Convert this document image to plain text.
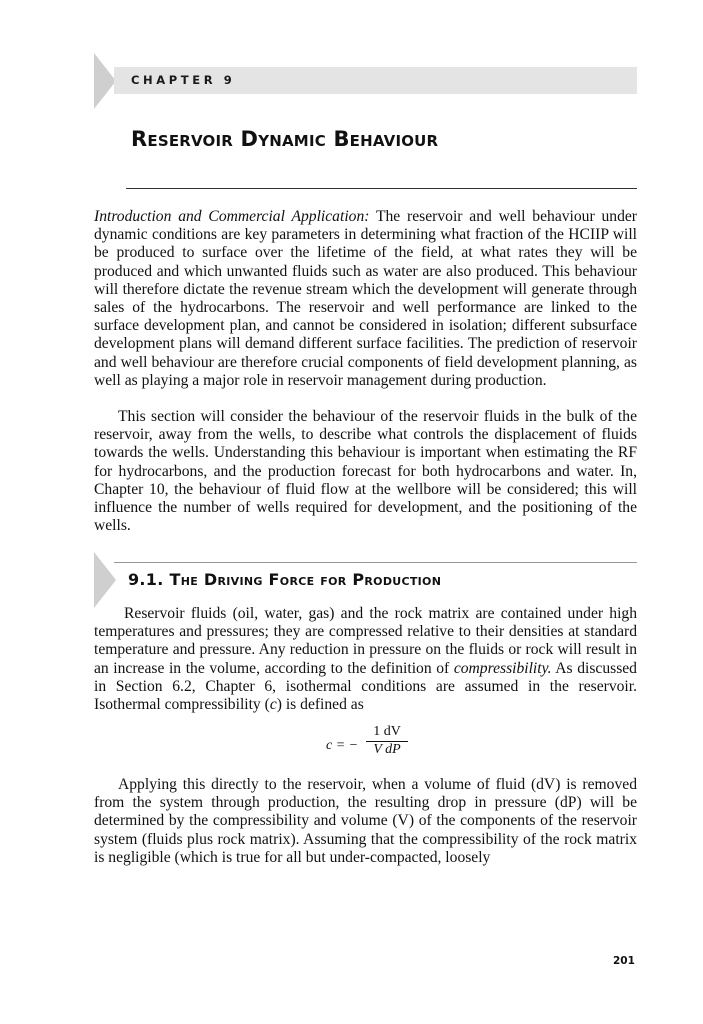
CHAPTER 9
Reservoir Dynamic Behaviour

Introduction and Commercial Application: The reservoir and well behaviour under dynamic conditions are key parameters in determining what fraction of the HCIIP will be produced to surface over the lifetime of the field, at what rates they will be produced and which unwanted fluids such as water are also produced. This behaviour will therefore dictate the revenue stream which the development will generate through sales of the hydrocarbons. The reservoir and well performance are linked to the surface development plan, and cannot be considered in isolation; different subsurface development plans will demand different surface facilities. The prediction of reservoir and well behaviour are therefore crucial components of field development planning, as well as playing a major role in reservoir management during production.

This section will consider the behaviour of the reservoir fluids in the bulk of the reservoir, away from the wells, to describe what controls the displacement of fluids towards the wells. Understanding this behaviour is important when estimating the RF for hydrocarbons, and the production forecast for both hydrocarbons and water. In, Chapter 10, the behaviour of fluid flow at the wellbore will be considered; this will influence the number of wells required for development, and the positioning of the wells.

9.1. The Driving Force for Production

Reservoir fluids (oil, water, gas) and the rock matrix are contained under high temperatures and pressures; they are compressed relative to their densities at standard temperature and pressure. Any reduction in pressure on the fluids or rock will result in an increase in the volume, according to the definition of compressibility. As discussed in Section 6.2, Chapter 6, isothermal conditions are assumed in the reservoir. Isothermal compressibility (c) is defined as

c = −
1 dV
V dP

Applying this directly to the reservoir, when a volume of fluid (dV) is removed from the system through production, the resulting drop in pressure (dP) will be determined by the compressibility and volume (V) of the components of the reservoir system (fluids plus rock matrix). Assuming that the compressibility of the rock matrix is negligible (which is true for all but under-compacted, loosely

201
